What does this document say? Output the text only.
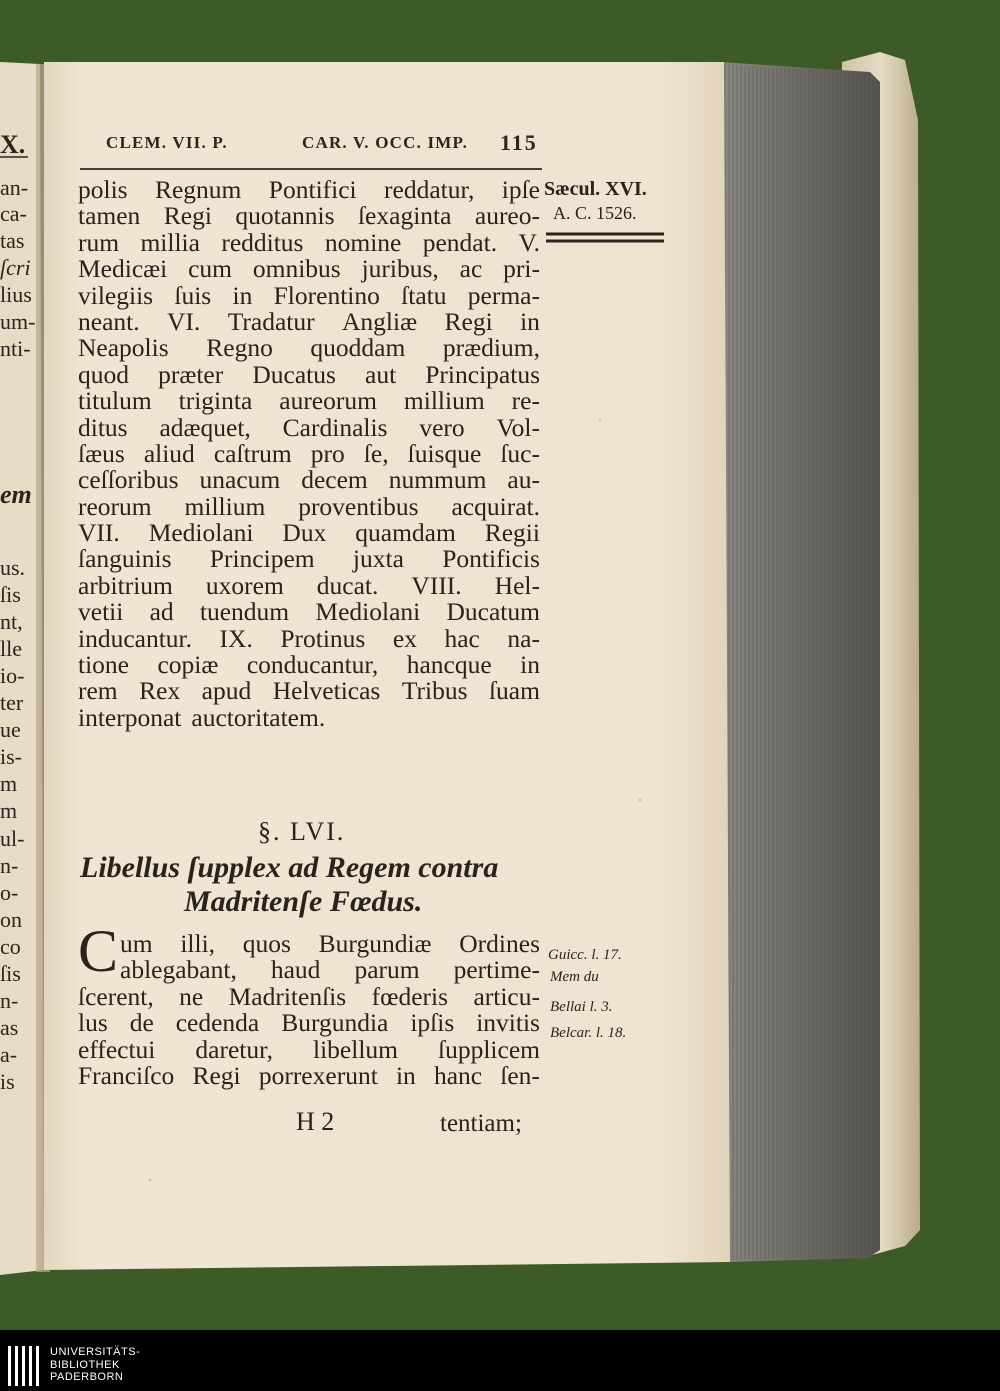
CLEM. VII. P.	CAR. V. OCC. IMP. 115
Sæcul. XVI.
A. C. 1526.
polis Regnum Pontifici reddatur, ipſe
tamen Regi quotannis ſexaginta aureo-
rum millia redditus nomine pendat. V.
Medicæi cum omnibus juribus, ac pri-
vilegiis ſuis in Florentino ſtatu perma-
neant. VI. Tradatur Angliæ Regi in
Neapolis Regno quoddam prædium,
quod præter Ducatus aut Principatus
titulum triginta aureorum millium re-
ditus adæquet, Cardinalis vero Vol-
ſæus aliud caſtrum pro ſe, ſuisque ſuc-
ceſſoribus unacum decem nummum au-
reorum millium proventibus acquirat.
VII. Mediolani Dux quamdam Regii
ſanguinis Principem juxta Pontificis
arbitrium uxorem ducat. VIII. Hel-
vetii ad tuendum Mediolani Ducatum
inducantur. IX. Protinus ex hac na-
tione copiæ conducantur, hancque in
rem Rex apud Helveticas Tribus ſuam
interponat auctoritatem.
§. LVI.
Libellus ſupplex ad Regem contra
Madritenſe Fœdus.
C um illi, quos Burgundiæ Ordines
ablegabant, haud parum pertime-
ſcerent, ne Madritenſis fœderis articu-
lus de cedenda Burgundia ipſis invitis
effectui daretur, libellum ſupplicem
Franciſco Regi porrexerunt in hanc ſen-
Guicc. l. 17.
Mem du
Bellai l. 3.
Belcar. l. 18.
H 2	tentiam;
X.
an-
ca-
tas
ſcri
lius
um-
nti-
em
us.
ſis
nt,
lle
io-
ter
ue
is-
m
m
ul-
n-
o-
on
co
ſis
n-
as
a-
is
UNIVERSITÄTS-
BIBLIOTHEK
PADERBORN
